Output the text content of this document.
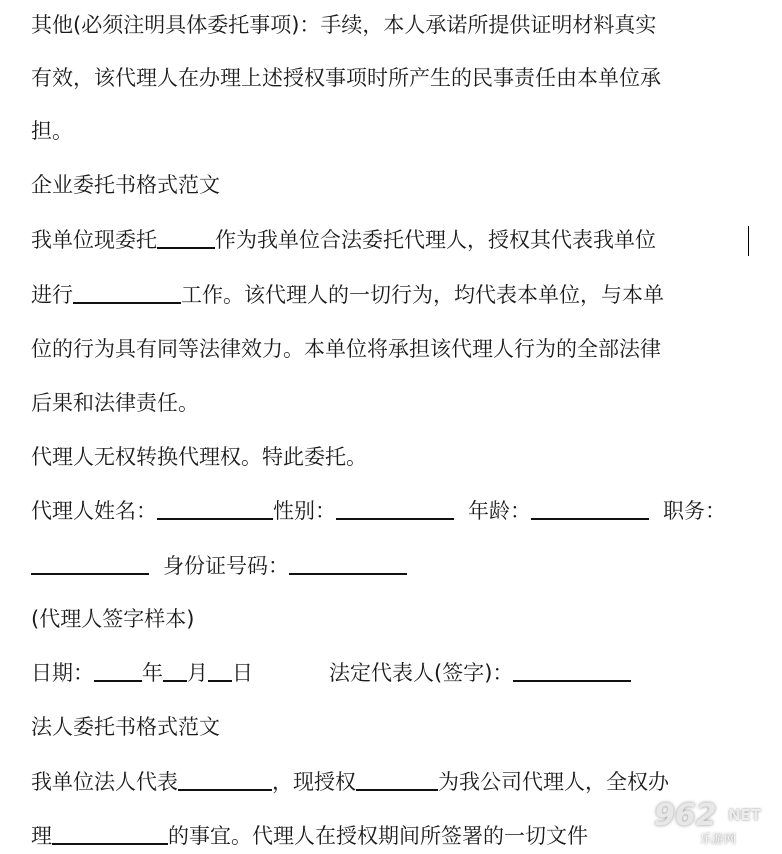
其他(必须注明具体委托事项)：手续，本人承诺所提供证明材料真实
有效，该代理人在办理上述授权事项时所产生的民事责任由本单位承
担。
企业委托书格式范文
我单位现委托	作为我单位合法委托代理人，授权其代表我单位
进行	工作。该代理人的一切行为，均代表本单位，与本单
位的行为具有同等法律效力。本单位将承担该代理人行为的全部法律
后果和法律责任。
代理人无权转换代理权。特此委托。
代理人姓名：	性别：	年龄：	职务：
身份证号码：
(代理人签字样本)
日期： 年 月 日	法定代表人(签字)：
法人委托书格式范文
我单位法人代表	，现授权	为我公司代理人，全权办
理	的事宜。代理人在授权期间所签署的一切文件
962 NET
乐游网
